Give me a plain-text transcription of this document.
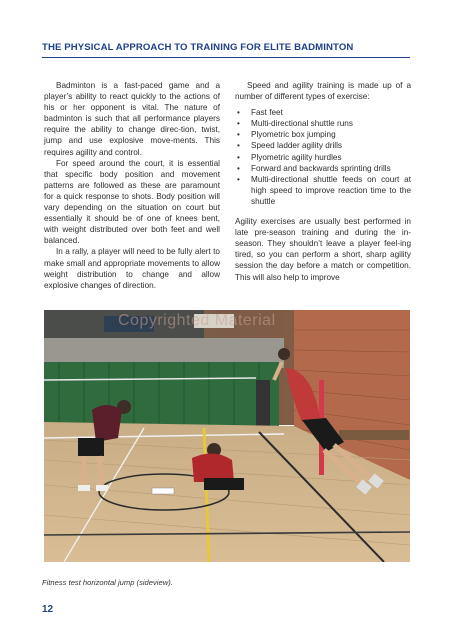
THE PHYSICAL APPROACH TO TRAINING FOR ELITE BADMINTON

Badminton is a fast-paced game and a player’s ability to react quickly to the actions of his or her opponent is vital. The nature of badminton is such that all performance players require the ability to change direc-tion, twist, jump and use explosive move-ments. This requires agility and control.

For speed around the court, it is essential that specific body position and movement patterns are followed as these are paramount for a quick response to shots. Body position will vary depending on the situation on court but essentially it should be of one of knees bent, with weight distributed over both feet and well balanced.

In a rally, a player will need to be fully alert to make small and appropriate movements to allow weight distribution to change and allow explosive changes of direction.

Speed and agility training is made up of a number of different types of exercise:

• Fast feet
• Multi-directional shuttle runs
• Plyometric box jumping
• Speed ladder agility drills
• Plyometric agility hurdles
• Forward and backwards sprinting drills
• Multi-directional shuttle feeds on court at high speed to improve reaction time to the shuttle

Agility exercises are usually best performed in late pre-season training and during the in-season. They shouldn’t leave a player feel-ing tired, so you can perform a short, sharp agility session the day before a match or competition. This will also help to improve

Copyrighted Material
Fitness test horizontal jump (sideview).
12
